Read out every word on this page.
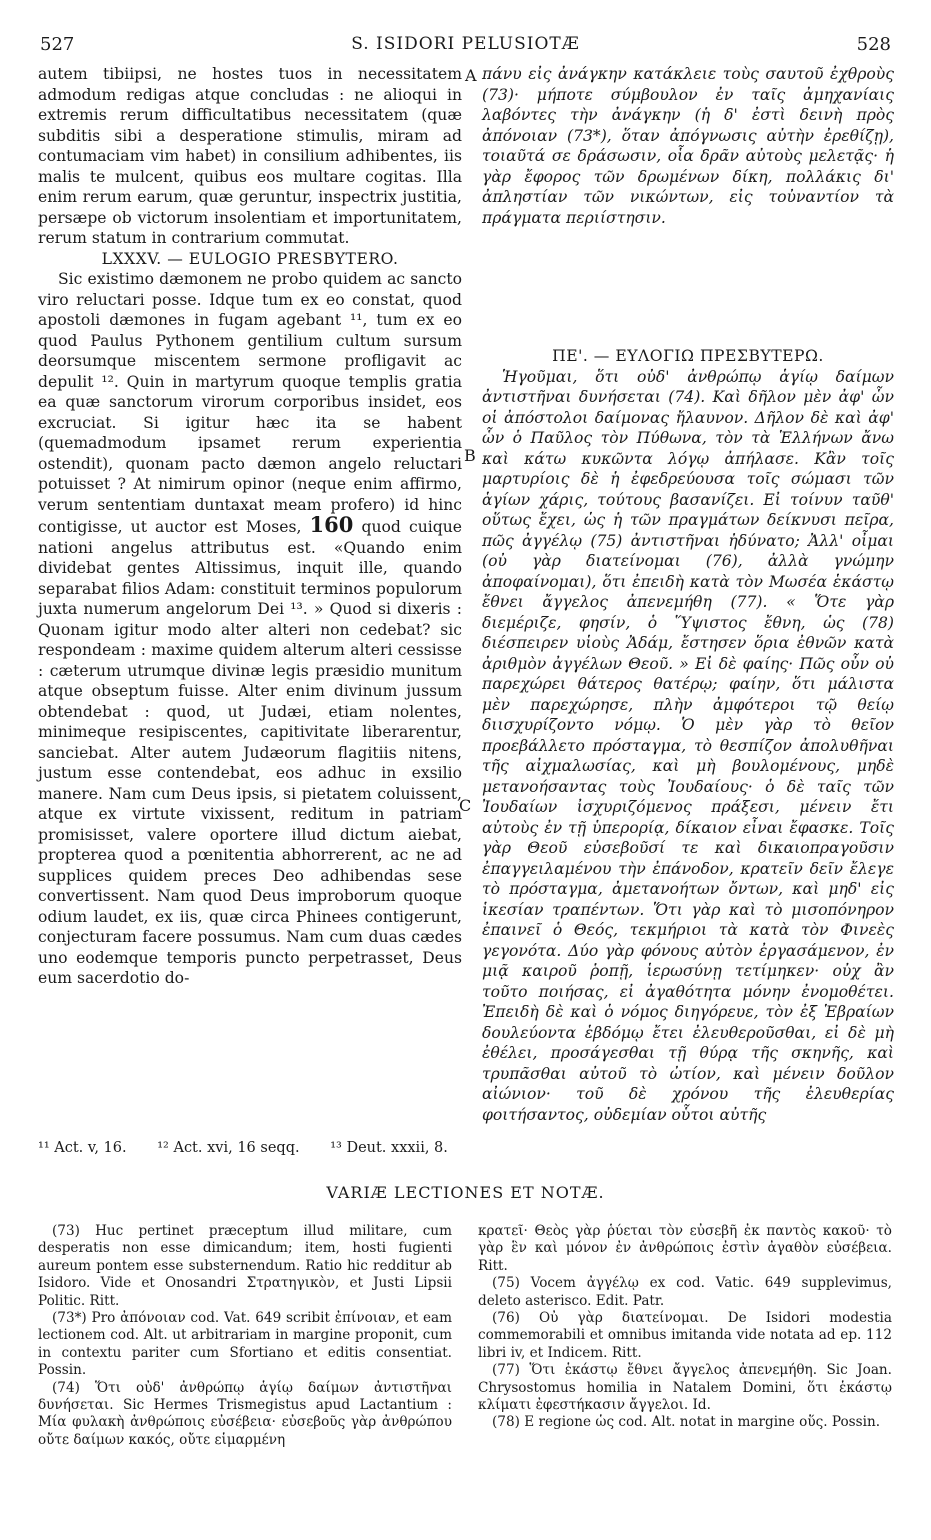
527	S. ISIDORI PELUSIOTÆ	528

autem tibiipsi, ne hostes tuos in necessitatem admodum redigas atque concludas : ne alioqui in extremis rerum difficultatibus necessitatem (quæ subditis sibi a desperatione stimulis, miram ad contumaciam vim habet) in consilium adhibentes, iis malis te mulcent, quibus eos multare cogitas. Illa enim rerum earum, quæ geruntur, inspectrix justitia, persæpe ob victorum insolentiam et importunitatem, rerum statum in contrarium commutat.

LXXXV. — EULOGIO PRESBYTERO.

Sic existimo dæmonem ne probo quidem ac sancto viro reluctari posse. Idque tum ex eo constat, quod apostoli dæmones in fugam agebant ¹¹, tum ex eo quod Paulus Pythonem gentilium cultum sursum deorsumque miscentem sermone profligavit ac depulit ¹². Quin in martyrum quoque templis gratia ea quæ sanctorum virorum corporibus insidet, eos excruciat. Si igitur hæc ita se habent (quemadmodum ipsamet rerum experientia ostendit), quonam pacto dæmon angelo reluctari potuisset ? At nimirum opinor (neque enim affirmo, verum sententiam duntaxat meam profero) id hinc contigisse, ut auctor est Moses, 160 quod cuique nationi angelus attributus est. «Quando enim dividebat gentes Altissimus, inquit ille, quando separabat filios Adam: constituit terminos populorum juxta numerum angelorum Dei ¹³. » Quod si dixeris : Quonam igitur modo alter alteri non cedebat? sic respondeam : maxime quidem alterum alteri cessisse : cæterum utrumque divinæ legis præsidio munitum atque obseptum fuisse. Alter enim divinum jussum obtendebat : quod, ut Judæi, etiam nolentes, minimeque resipiscentes, capitivitate liberarentur, sanciebat. Alter autem Judæorum flagitiis nitens, justum esse contendebat, eos adhuc in exsilio manere. Nam cum Deus ipsis, si pietatem coluissent, atque ex virtute vixissent, reditum in patriam promisisset, valere oportere illud dictum aiebat, propterea quod a pœnitentia abhorrerent, ac ne ad supplices quidem preces Deo adhibendas sese convertissent. Nam quod Deus improborum quoque odium laudet, ex iis, quæ circa Phinees contigerunt, conjecturam facere possumus. Nam cum duas cædes uno eodemque temporis puncto perpetrasset, Deus eum sacerdotio do-

A
B
C

πάνυ εἰς ἀνάγκην κατάκλειε τοὺς σαυτοῦ ἐχθροὺς (73)· μήποτε σύμβουλον ἐν ταῖς ἀμηχανίαις λαβόντες τὴν ἀνάγκην (ἡ δ' ἐστὶ δεινὴ πρὸς ἀπόνοιαν (73*), ὅταν ἀπόγνωσις αὐτὴν ἐρεθίζῃ), τοιαῦτά σε δράσωσιν, οἷα δρᾶν αὐτοὺς μελετᾷς· ἡ γὰρ ἔφορος τῶν δρωμένων δίκη, πολλάκις δι' ἀπληστίαν τῶν νικώντων, εἰς τοὐναντίον τὰ πράγματα περιίστησιν.

ΠΕ'. — ΕΥΛΟΓΙΩ ΠΡΕΣΒΥΤΕΡΩ.

Ἡγοῦμαι, ὅτι οὐδ' ἀνθρώπῳ ἁγίῳ δαίμων ἀντιστῆναι δυνήσεται (74). Καὶ δῆλον μὲν ἀφ' ὧν οἱ ἀπόστολοι δαίμονας ἤλαυνον. Δῆλον δὲ καὶ ἀφ' ὧν ὁ Παῦλος τὸν Πύθωνα, τὸν τὰ Ἑλλήνων ἄνω καὶ κάτω κυκῶντα λόγῳ ἀπήλασε. Κἂν τοῖς μαρτυρίοις δὲ ἡ ἐφεδρεύουσα τοῖς σώμασι τῶν ἁγίων χάρις, τούτους βασανίζει. Εἰ τοίνυν ταῦθ' οὕτως ἔχει, ὡς ἡ τῶν πραγμάτων δείκνυσι πεῖρα, πῶς ἀγγέλῳ (75) ἀντιστῆναι ἠδύνατο; Ἀλλ' οἶμαι (οὐ γὰρ διατείνομαι (76), ἀλλὰ γνώμην ἀποφαίνομαι), ὅτι ἐπειδὴ κατὰ τὸν Μωσέα ἑκάστῳ ἔθνει ἄγγελος ἀπενεμήθη (77). « Ὅτε γὰρ διεμέριζε, φησίν, ὁ Ὕψιστος ἔθνη, ὡς (78) διέσπειρεν υἱοὺς Ἀδάμ, ἔστησεν ὅρια ἐθνῶν κατὰ ἀριθμὸν ἀγγέλων Θεοῦ. » Εἰ δὲ φαίης· Πῶς οὖν οὐ παρεχώρει θάτερος θατέρῳ; φαίην, ὅτι μάλιστα μὲν παρεχώρησε, πλὴν ἀμφότεροι τῷ θείῳ διισχυρίζοντο νόμῳ. Ὁ μὲν γὰρ τὸ θεῖον προεβάλλετο πρόσταγμα, τὸ θεσπίζον ἀπολυθῆναι τῆς αἰχμαλωσίας, καὶ μὴ βουλομένους, μηδὲ μετανοήσαντας τοὺς Ἰουδαίους· ὁ δὲ ταῖς τῶν Ἰουδαίων ἰσχυριζόμενος πράξεσι, μένειν ἔτι αὐτοὺς ἐν τῇ ὑπερορίᾳ, δίκαιον εἶναι ἔφασκε. Τοῖς γὰρ Θεοῦ εὐσεβοῦσί τε καὶ δικαιοπραγοῦσιν ἐπαγγειλαμένου τὴν ἐπάνοδον, κρατεῖν δεῖν ἔλεγε τὸ πρόσταγμα, ἀμετανοήτων ὄντων, καὶ μηδ' εἰς ἱκεσίαν τραπέντων. Ὅτι γὰρ καὶ τὸ μισοπόνηρον ἐπαινεῖ ὁ Θεός, τεκμήριοι τὰ κατὰ τὸν Φινεὲς γεγονότα. Δύο γὰρ φόνους αὐτὸν ἐργασάμενον, ἐν μιᾷ καιροῦ ῥοπῇ, ἱερωσύνῃ τετίμηκεν· οὐχ ἂν τοῦτο ποιήσας, εἰ ἀγαθότητα μόνην ἐνομοθέτει. Ἐπειδὴ δὲ καὶ ὁ νόμος διηγόρευε, τὸν ἐξ Ἑβραίων δουλεύοντα ἑβδόμῳ ἔτει ἐλευθεροῦσθαι, εἰ δὲ μὴ ἐθέλει, προσάγεσθαι τῇ θύρᾳ τῆς σκηνῆς, καὶ τρυπᾶσθαι αὐτοῦ τὸ ὠτίον, καὶ μένειν δοῦλον αἰώνιον· τοῦ δὲ χρόνου τῆς ἐλευθερίας φοιτήσαντος, οὐδεμίαν οὗτοι αὐτῆς

¹¹ Act. v, 16. ¹² Act. xvi, 16 seqq. ¹³ Deut. xxxii, 8.
VARIÆ LECTIONES ET NOTÆ.

(73) Huc pertinet præceptum illud militare, cum desperatis non esse dimicandum; item, hosti fugienti aureum pontem esse substernendum. Ratio hic redditur ab Isidoro. Vide et Onosandri Στρατηγικὸν, et Justi Lipsii Politic. Ritt.

(73*) Pro ἀπόνοιαν cod. Vat. 649 scribit ἐπίνοιαν, et eam lectionem cod. Alt. ut arbitrariam in margine proponit, cum in contextu pariter cum Sfortiano et editis consentiat. Possin.

(74) Ὅτι οὐδ' ἀνθρώπῳ ἁγίῳ δαίμων ἀντιστῆναι δυνήσεται. Sic Hermes Trismegistus apud Lactantium : Μία φυλακὴ ἀνθρώποις εὐσέβεια· εὐσεβοῦς γὰρ ἀνθρώπου οὔτε δαίμων κακός, οὔτε εἱμαρμένη

κρατεῖ· Θεὸς γὰρ ῥύεται τὸν εὐσεβῆ ἐκ παντὸς κακοῦ· τὸ γὰρ ἓν καὶ μόνον ἐν ἀνθρώποις ἐστὶν ἀγαθὸν εὐσέβεια. Ritt.

(75) Vocem ἀγγέλῳ ex cod. Vatic. 649 supplevimus, deleto asterisco. Edit. Patr.

(76) Οὐ γὰρ διατείνομαι. De Isidori modestia commemorabili et omnibus imitanda vide notata ad ep. 112 libri iv, et Indicem. Ritt.

(77) Ὅτι ἑκάστῳ ἔθνει ἄγγελος ἀπενεμήθη. Sic Joan. Chrysostomus homilia in Natalem Domini, ὅτι ἑκάστῳ κλίματι ἐφεστήκασιν ἄγγελοι. Id.

(78) E regione ὡς cod. Alt. notat in margine οὕς. Possin.
